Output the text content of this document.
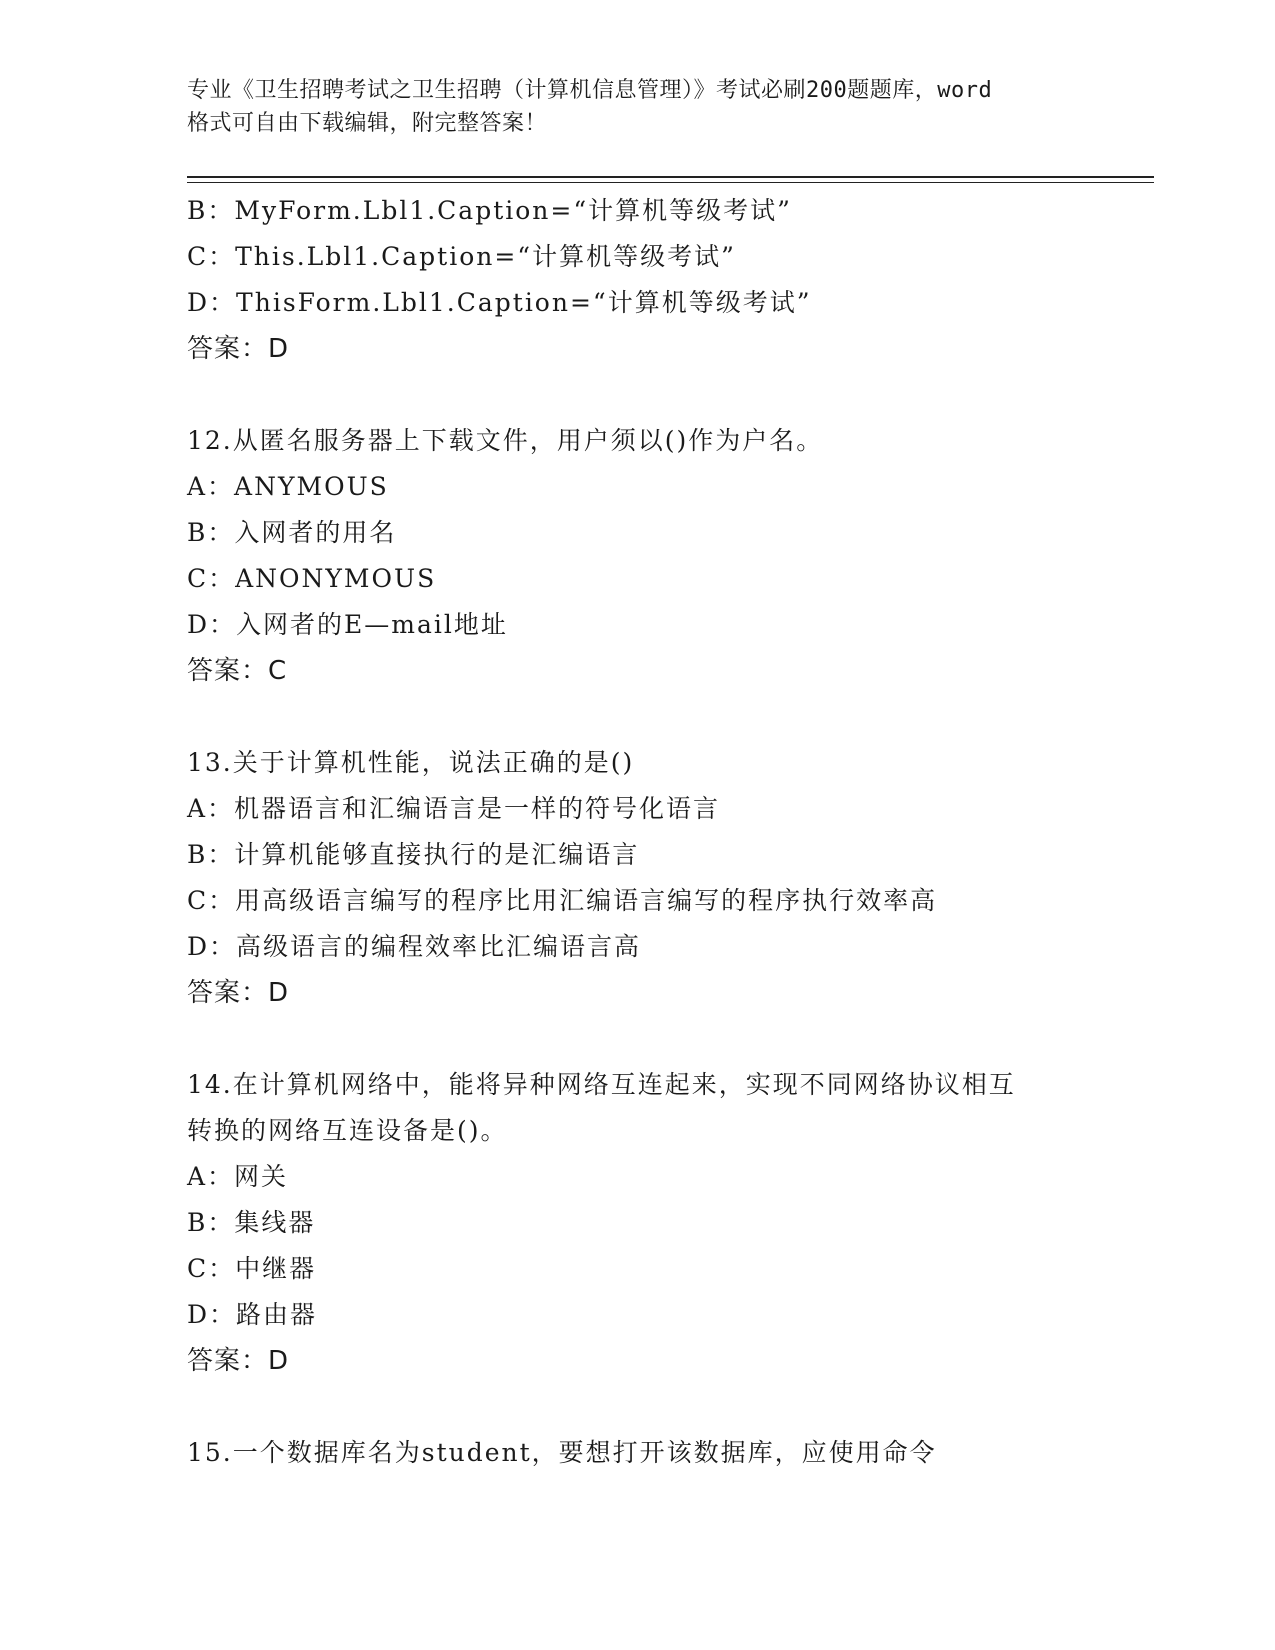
专业《卫生招聘考试之卫生招聘（计算机信息管理）》考试必刷200题题库，word
格式可自由下载编辑，附完整答案！
B：MyForm.Lbl1.Caption=“计算机等级考试”
C：This.Lbl1.Caption=“计算机等级考试”
D：ThisForm.Lbl1.Caption=“计算机等级考试”
答案：D
12.从匿名服务器上下载文件，用户须以()作为户名。
A：ANYMOUS
B：入网者的用名
C：ANONYMOUS
D：入网者的E—mail地址
答案：C
13.关于计算机性能，说法正确的是()
A：机器语言和汇编语言是一样的符号化语言
B：计算机能够直接执行的是汇编语言
C：用高级语言编写的程序比用汇编语言编写的程序执行效率高
D：高级语言的编程效率比汇编语言高
答案：D
14.在计算机网络中，能将异种网络互连起来，实现不同网络协议相互
转换的网络互连设备是()。
A：网关
B：集线器
C：中继器
D：路由器
答案：D
15.一个数据库名为student，要想打开该数据库，应使用命令
